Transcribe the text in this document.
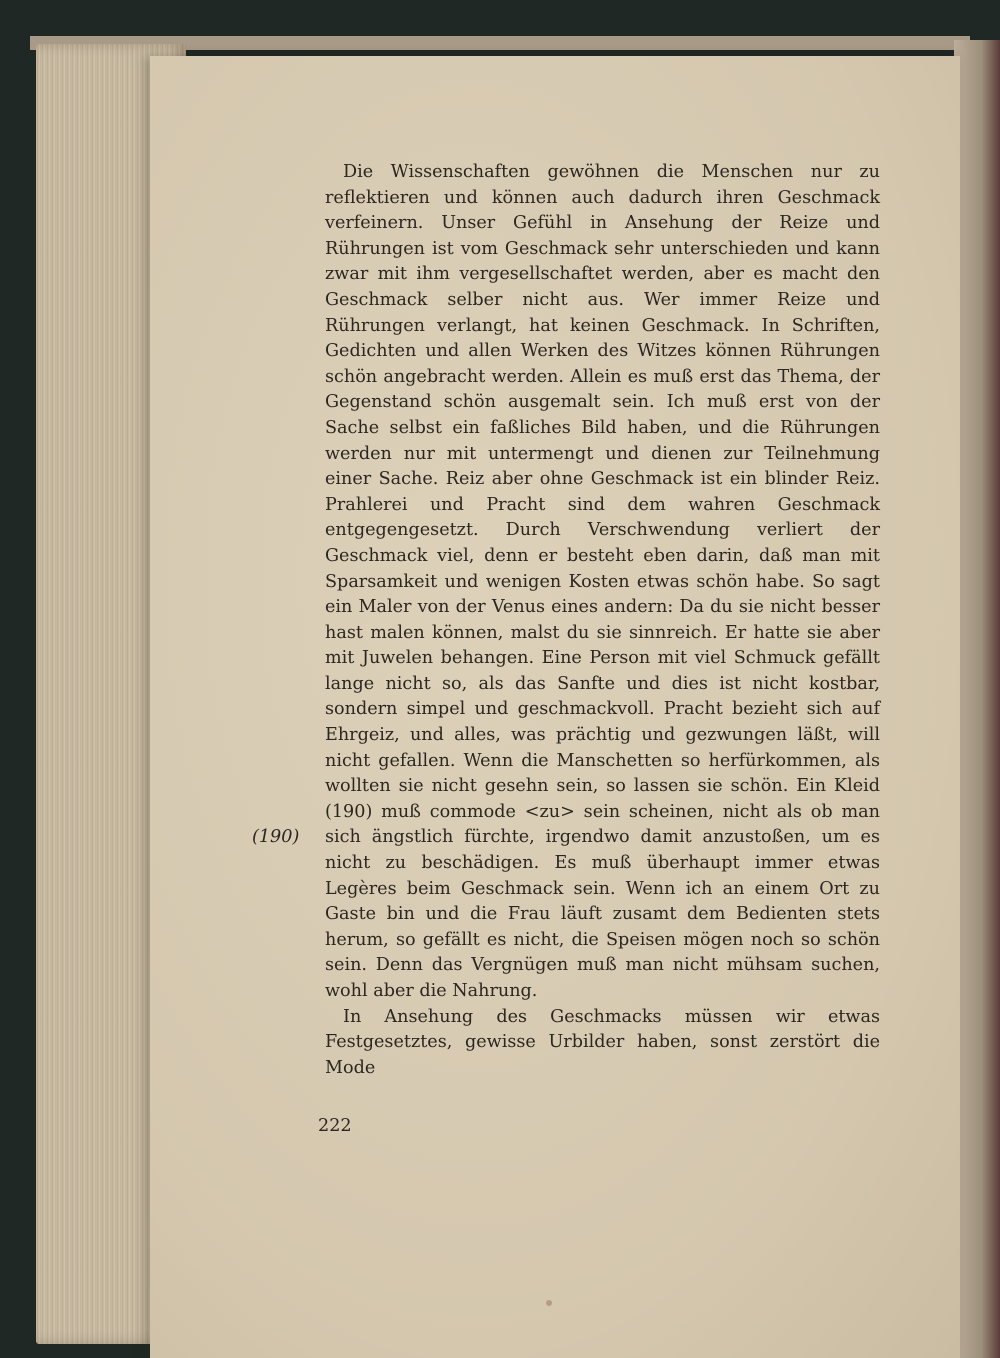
Die Wissenschaften gewöhnen die Menschen nur zu reflektieren und können auch dadurch ihren Geschmack verfeinern. Unser Gefühl in Ansehung der Reize und Rührungen ist vom Geschmack sehr unterschieden und kann zwar mit ihm vergesellschaftet werden, aber es macht den Geschmack selber nicht aus. Wer immer Reize und Rührungen verlangt, hat keinen Geschmack. In Schriften, Gedichten und allen Werken des Witzes können Rührungen schön angebracht werden. Allein es muß erst das Thema, der Gegenstand schön ausgemalt sein. Ich muß erst von der Sache selbst ein faßliches Bild haben, und die Rührungen werden nur mit untermengt und dienen zur Teilnehmung einer Sache. Reiz aber ohne Geschmack ist ein blinder Reiz. Prahlerei und Pracht sind dem wahren Geschmack entgegengesetzt. Durch Verschwendung verliert der Geschmack viel, denn er besteht eben darin, daß man mit Sparsamkeit und wenigen Kosten etwas schön habe. So sagt ein Maler von der Venus eines andern: Da du sie nicht besser hast malen können, malst du sie sinnreich. Er hatte sie aber mit Juwelen behangen. Eine Person mit viel Schmuck gefällt lange nicht so, als das Sanfte und dies ist nicht kostbar, sondern simpel und geschmackvoll. Pracht bezieht sich auf Ehrgeiz, und alles, was prächtig und gezwungen läßt, will nicht gefallen. Wenn die Manschetten so herfürkommen, als wollten sie nicht gesehn sein, so lassen sie schön. Ein Kleid (190) muß commode <zu> sein scheinen, nicht als ob man sich ängstlich fürchte, irgendwo damit anzustoßen, um es nicht zu beschädigen. Es muß überhaupt immer etwas Legères beim Geschmack sein. Wenn ich an einem Ort zu Gaste bin und die Frau läuft zusamt dem Bedienten stets herum, so gefällt es nicht, die Speisen mögen noch so schön sein. Denn das Vergnügen muß man nicht mühsam suchen, wohl aber die Nahrung.

In Ansehung des Geschmacks müssen wir etwas Festgesetztes, gewisse Urbilder haben, sonst zerstört die Mode

(190)
222
